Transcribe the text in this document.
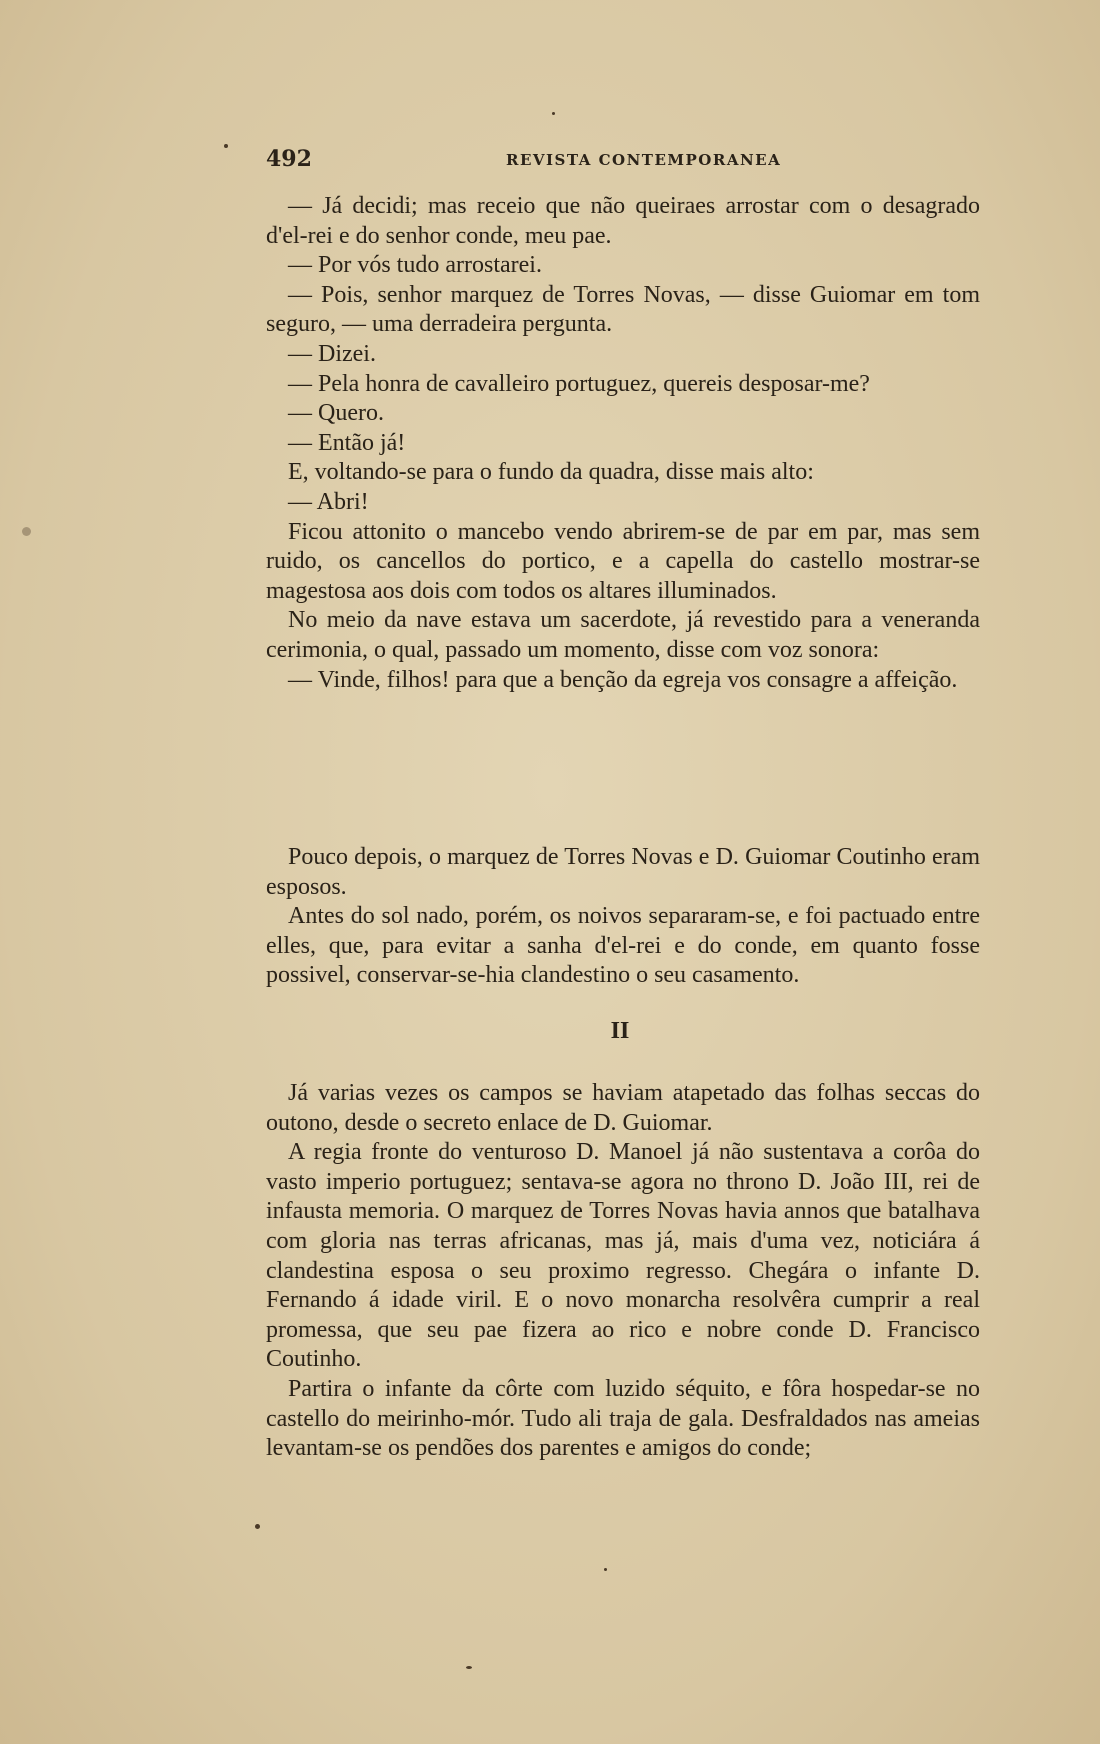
492	REVISTA CONTEMPORANEA

— Já decidi; mas receio que não queiraes arrostar com o desagrado d'el-rei e do senhor conde, meu pae.

— Por vós tudo arrostarei.

— Pois, senhor marquez de Torres Novas, — disse Guiomar em tom seguro, — uma derradeira pergunta.

— Dizei.

— Pela honra de cavalleiro portuguez, quereis desposar-me?

— Quero.

— Então já!

E, voltando-se para o fundo da quadra, disse mais alto:

— Abri!

Ficou attonito o mancebo vendo abrirem-se de par em par, mas sem ruido, os cancellos do portico, e a capella do castello mostrar-se magestosa aos dois com todos os altares illuminados.

No meio da nave estava um sacerdote, já revestido para a veneranda cerimonia, o qual, passado um momento, disse com voz sonora:

— Vinde, filhos! para que a benção da egreja vos consagre a affeição.

Pouco depois, o marquez de Torres Novas e D. Guiomar Coutinho eram esposos.

Antes do sol nado, porém, os noivos separaram-se, e foi pactuado entre elles, que, para evitar a sanha d'el-rei e do conde, em quanto fosse possivel, conservar-se-hia clandestino o seu casamento.

II

Já varias vezes os campos se haviam atapetado das folhas seccas do outono, desde o secreto enlace de D. Guiomar.

A regia fronte do venturoso D. Manoel já não sustentava a corôa do vasto imperio portuguez; sentava-se agora no throno D. João III, rei de infausta memoria. O marquez de Torres Novas havia annos que batalhava com gloria nas terras africanas, mas já, mais d'uma vez, noticiára á clandestina esposa o seu proximo regresso. Chegára o infante D. Fernando á idade viril. E o novo monarcha resolvêra cumprir a real promessa, que seu pae fizera ao rico e nobre conde D. Francisco Coutinho.

Partira o infante da côrte com luzido séquito, e fôra hospedar-se no castello do meirinho-mór. Tudo ali traja de gala. Desfraldados nas ameias levantam-se os pendões dos parentes e amigos do conde;
